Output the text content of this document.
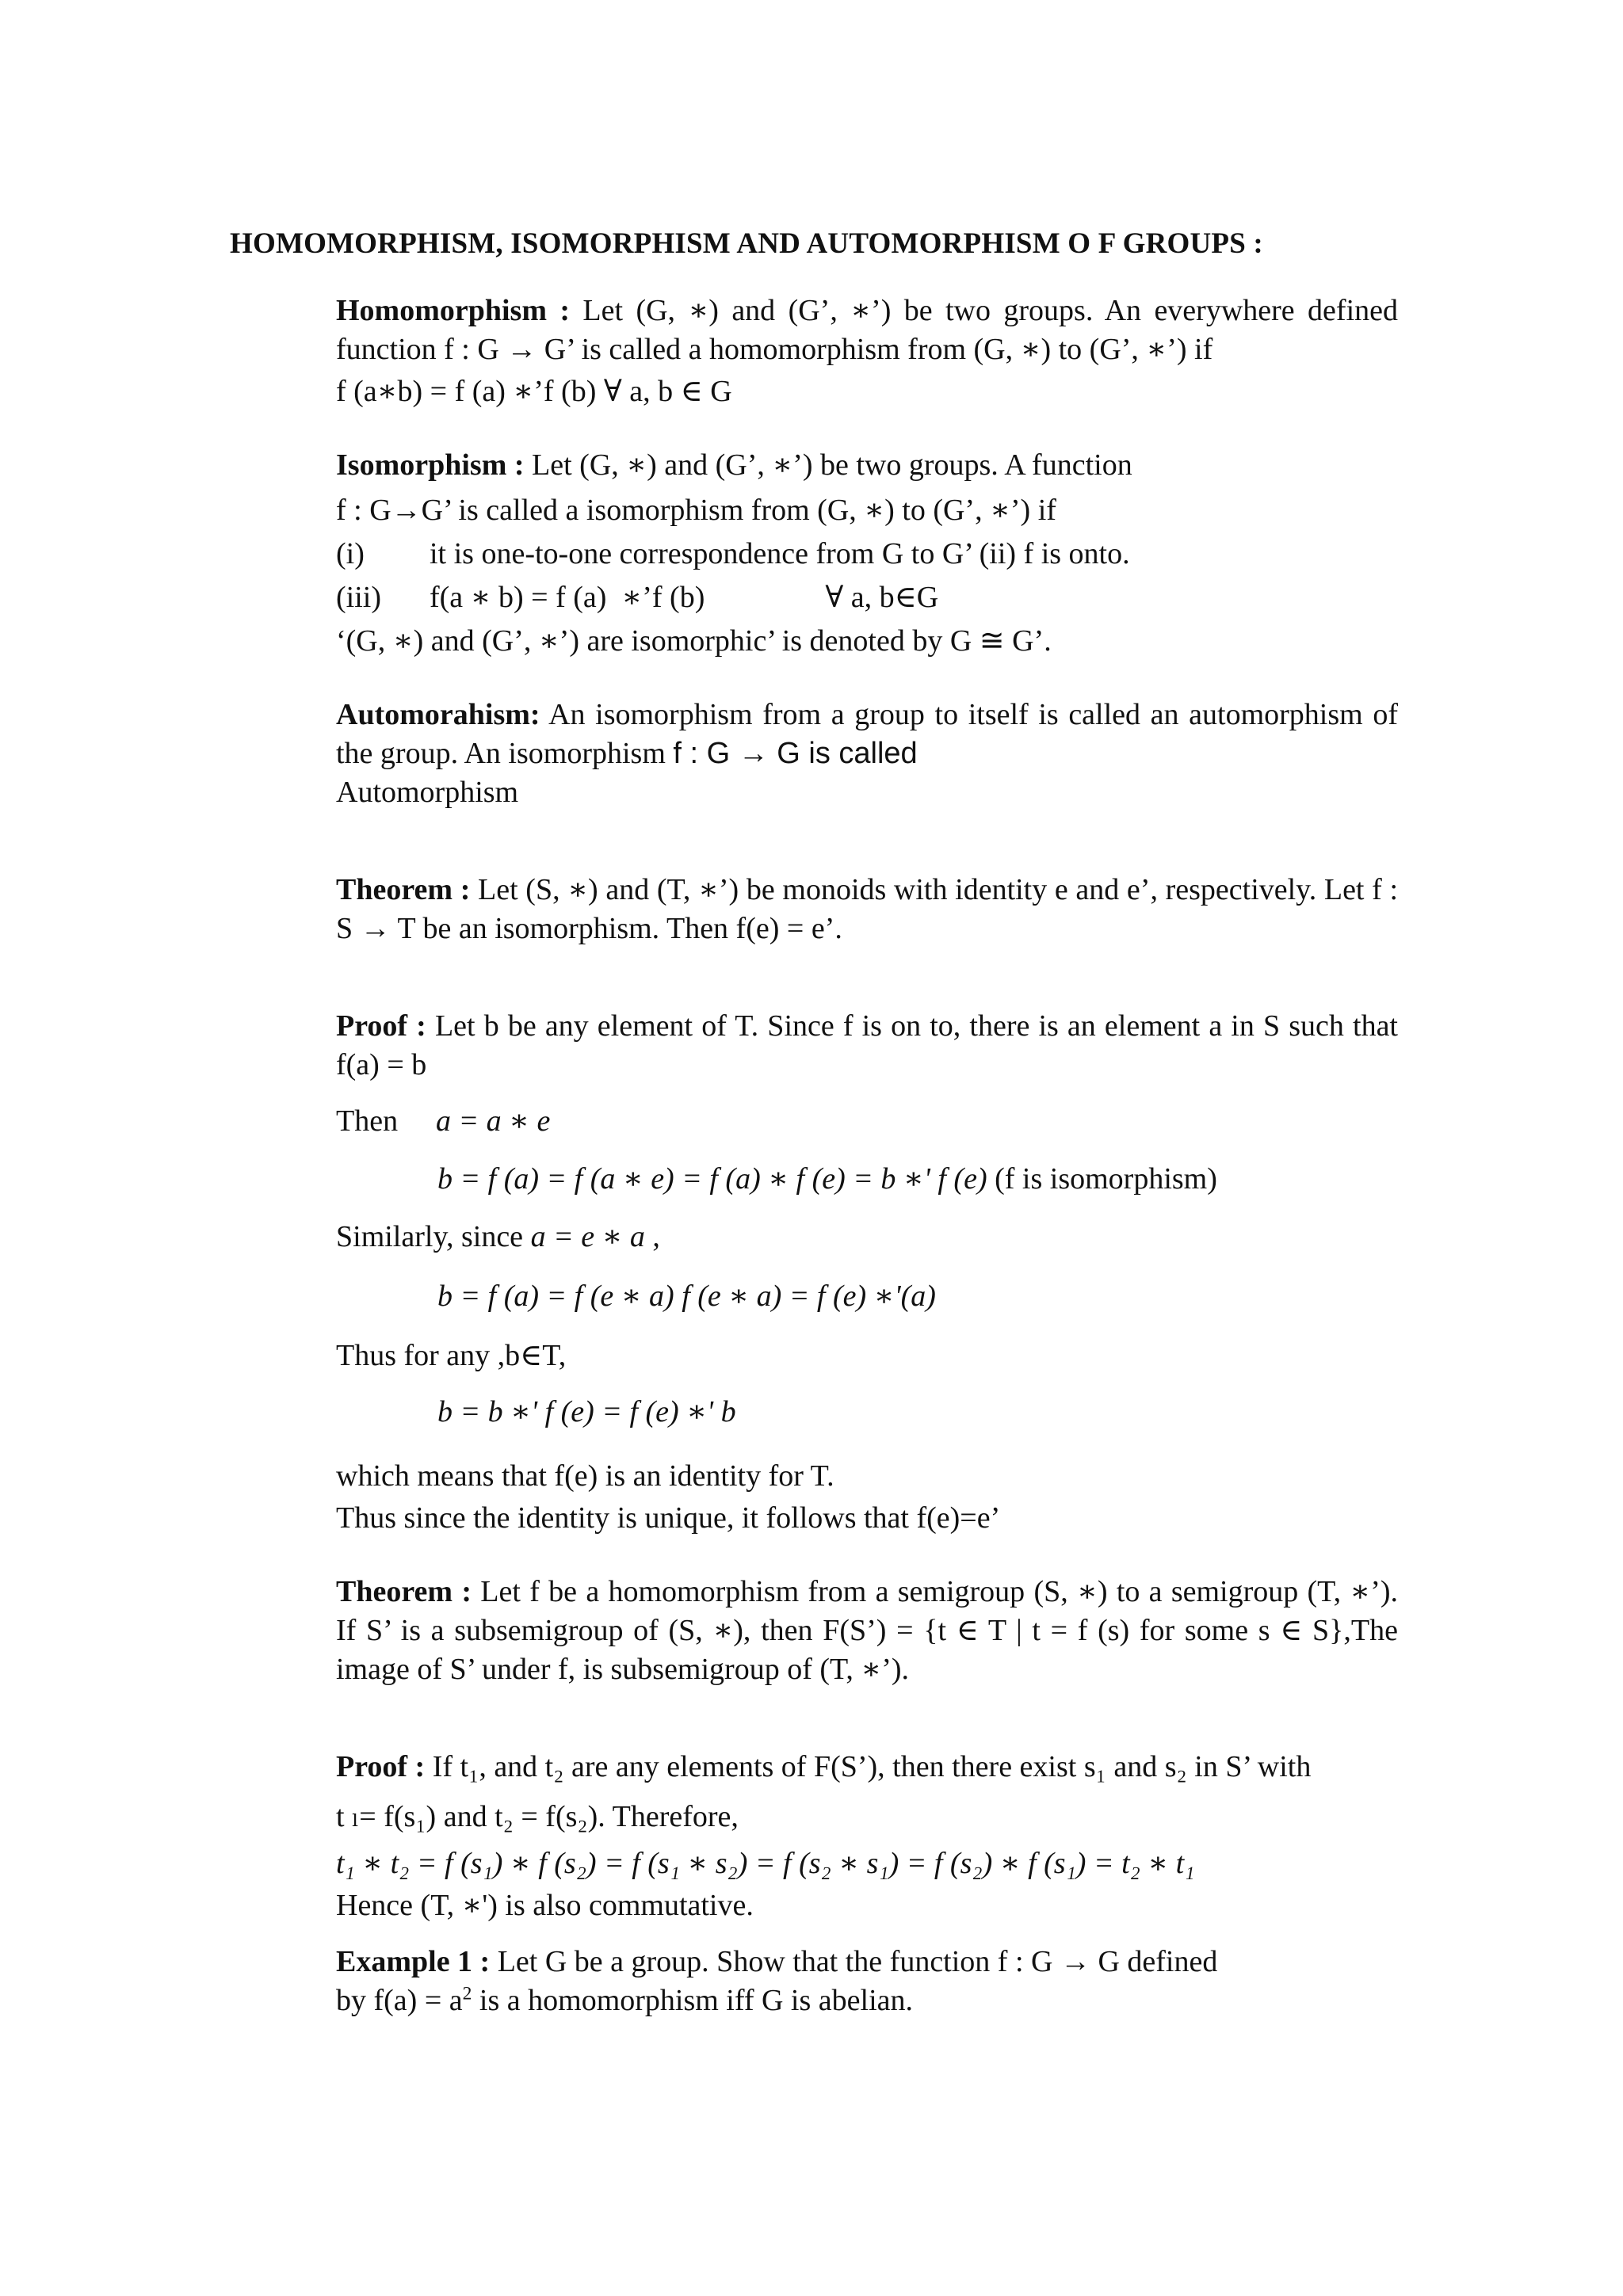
HOMOMORPHISM, ISOMORPHISM AND AUTOMORPHISM O F GROUPS :

Homomorphism : Let (G, ∗) and (G’, ∗’) be two groups. An everywhere defined function f : G → G’ is called a homomorphism from (G, ∗) to (G’, ∗’) if

f (a∗b) = f (a) ∗’f (b) ∀ a, b ∈ G

Isomorphism : Let (G, ∗) and (G’, ∗’) be two groups. A function

f : G→G’ is called a isomorphism from (G, ∗) to (G’, ∗’) if

(i) it is one-to-one correspondence from G to G’ (ii) f is onto.

(iii) f(a ∗ b) = f (a)  ∗’f (b)                ∀ a, b∈G

‘(G, ∗) and (G’, ∗’) are isomorphic’ is denoted by G ≅ G’.

Automorahism: An isomorphism from a group to itself is called an automorphism of the group. An isomorphism f : G → G is called
Automorphism

Theorem : Let (S, ∗) and (T, ∗’) be monoids with identity e and e’, respectively. Let f : S → T be an isomorphism. Then f(e) = e’.

Proof : Let b be any element of T. Since f is on to, there is an element a in S such that f(a) = b

Then a = a ∗ e

b = f (a) = f (a ∗ e) = f (a) ∗ f (e) = b ∗' f (e) (f is isomorphism)

Similarly, since a = e ∗ a ,

b = f (a) = f (e ∗ a) f (e ∗ a) = f (e) ∗'(a)

Thus for any ,b∈T,

b = b ∗' f (e) = f (e) ∗' b

which means that f(e) is an identity for T.

Thus since the identity is unique, it follows that f(e)=e’

Theorem : Let f be a homomorphism from a semigroup (S, ∗) to a semigroup (T, ∗’). If S’ is a subsemigroup of (S, ∗), then F(S’) = {t ∈ T | t = f (s) for some s ∈ S},The image of S’ under f, is subsemigroup of (T, ∗’).

Proof : If t₁, and t₂ are any elements of F(S’), then there exist s₁ and s₂ in S’ with

t ₗ= f(s₁) and t₂ = f(s₂). Therefore,

t₁ ∗ t₂ = f (s₁) ∗ f (s₂) = f (s₁ ∗ s₂) = f (s₂ ∗ s₁) = f (s₂) ∗ f (s₁) = t₂ ∗ t₁

Hence (T, ∗') is also commutative.

Example 1 : Let G be a group. Show that the function f : G → G defined
by $f(a) = a^2$ is a homomorphism iff G is abelian.
